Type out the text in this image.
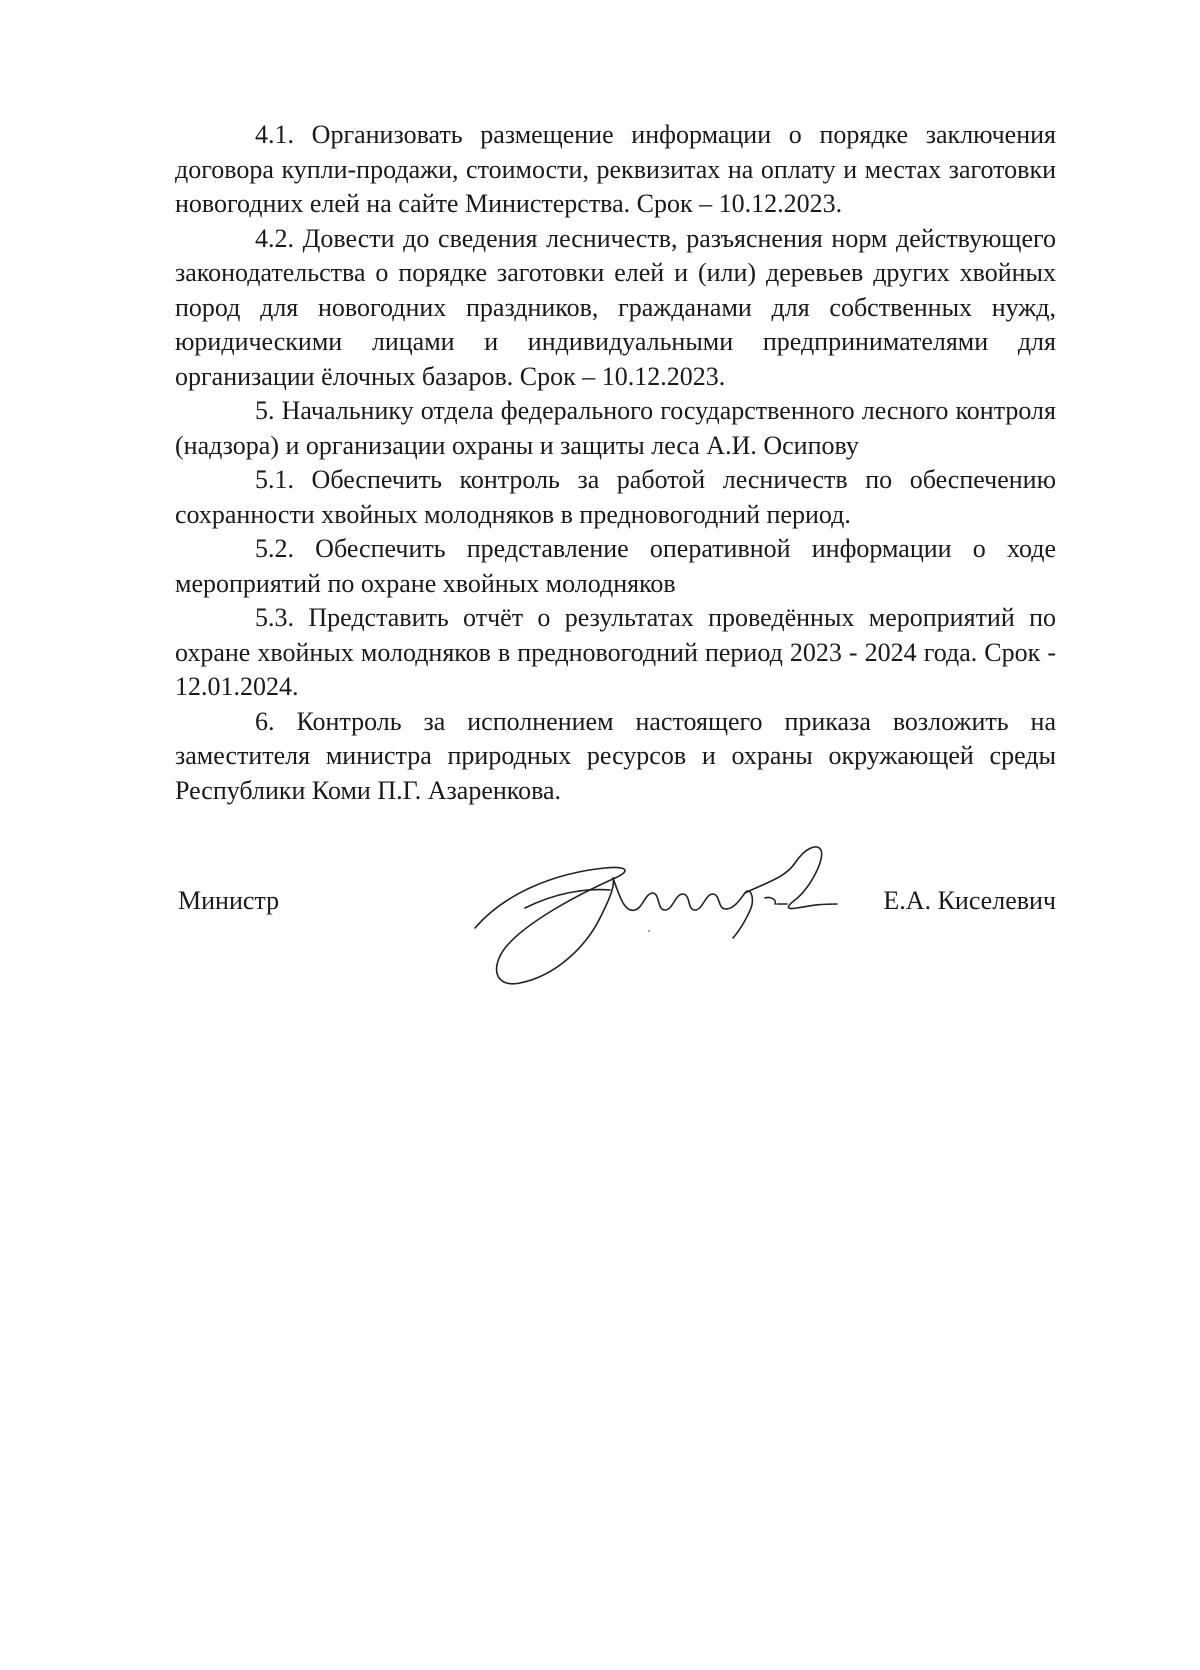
4.1. Организовать размещение информации о порядке заключения договора купли-продажи, стоимости, реквизитах на оплату и местах заготовки новогодних елей на сайте Министерства. Срок – 10.12.2023.

4.2. Довести до сведения лесничеств, разъяснения норм действующего законодательства о порядке заготовки елей и (или) деревьев других хвойных пород для новогодних праздников, гражданами для собственных нужд, юридическими лицами и индивидуальными предпринимателями для организации ёлочных базаров. Срок – 10.12.2023.

5. Начальнику отдела федерального государственного лесного контроля (надзора) и организации охраны и защиты леса А.И. Осипову

5.1. Обеспечить контроль за работой лесничеств по обеспечению сохранности хвойных молодняков в предновогодний период.

5.2. Обеспечить представление оперативной информации о ходе мероприятий по охране хвойных молодняков

5.3. Представить отчёт о результатах проведённых мероприятий по охране хвойных молодняков в предновогодний период 2023 - 2024 года. Срок - 12.01.2024.

6. Контроль за исполнением настоящего приказа возложить на заместителя министра природных ресурсов и охраны окружающей среды Республики Коми П.Г. Азаренкова.

Министр	Е.А. Киселевич
